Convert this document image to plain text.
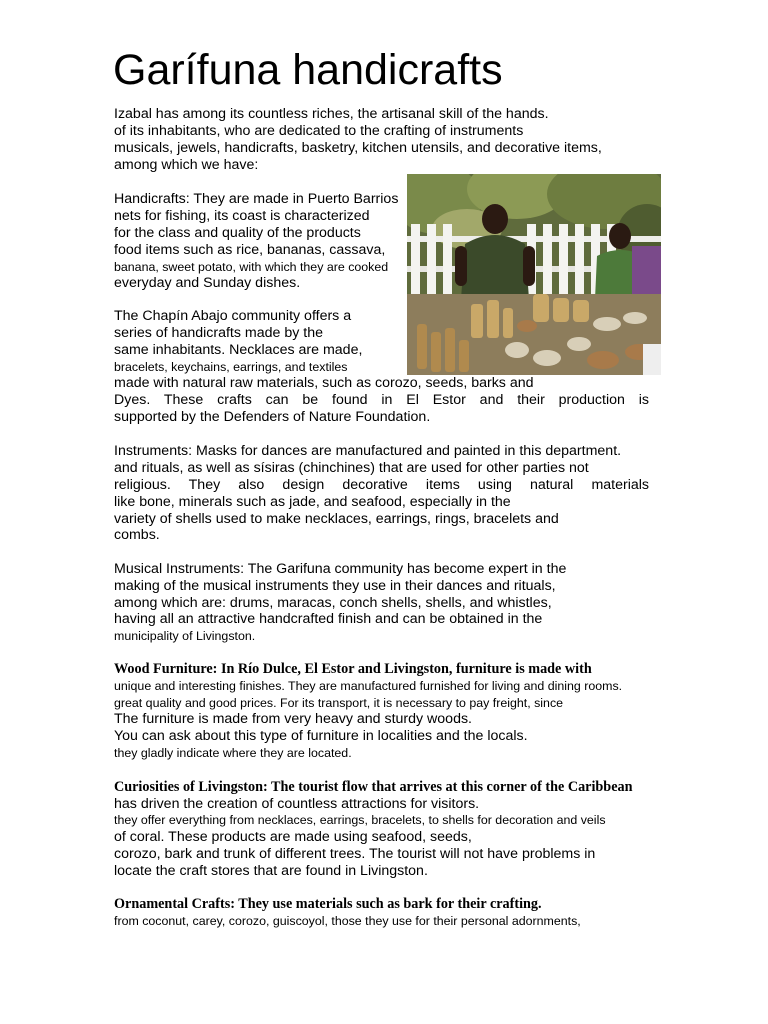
Garífuna handicrafts
Izabal has among its countless riches, the artisanal skill of the hands.
of its inhabitants, who are dedicated to the crafting of instruments
musicals, jewels, handicrafts, basketry, kitchen utensils, and decorative items,
among which we have:
Handicrafts: They are made in Puerto Barrios
nets for fishing, its coast is characterized
for the class and quality of the products
food items such as rice, bananas, cassava,
banana, sweet potato, with which they are cooked
everyday and Sunday dishes.
The Chapín Abajo community offers a
series of handicrafts made by the
same inhabitants. Necklaces are made,
bracelets, keychains, earrings, and textiles
made with natural raw materials, such as corozo, seeds, barks and
Dyes. These crafts can be found in El Estor and their production is
supported by the Defenders of Nature Foundation.
Instruments: Masks for dances are manufactured and painted in this department.
and rituals, as well as sísiras (chinchines) that are used for other parties not
religious. They also design decorative items using natural materials
like bone, minerals such as jade, and seafood, especially in the
variety of shells used to make necklaces, earrings, rings, bracelets and
combs.
Musical Instruments: The Garifuna community has become expert in the
making of the musical instruments they use in their dances and rituals,
among which are: drums, maracas, conch shells, shells, and whistles,
having all an attractive handcrafted finish and can be obtained in the
municipality of Livingston.
Wood Furniture: In Río Dulce, El Estor and Livingston, furniture is made with
unique and interesting finishes. They are manufactured furnished for living and dining rooms.
great quality and good prices. For its transport, it is necessary to pay freight, since
The furniture is made from very heavy and sturdy woods.
You can ask about this type of furniture in localities and the locals.
they gladly indicate where they are located.
Curiosities of Livingston: The tourist flow that arrives at this corner of the Caribbean
has driven the creation of countless attractions for visitors.
they offer everything from necklaces, earrings, bracelets, to shells for decoration and veils
of coral. These products are made using seafood, seeds,
corozo, bark and trunk of different trees. The tourist will not have problems in
locate the craft stores that are found in Livingston.
Ornamental Crafts: They use materials such as bark for their crafting.
from coconut, carey, corozo, guiscoyol, those they use for their personal adornments,
